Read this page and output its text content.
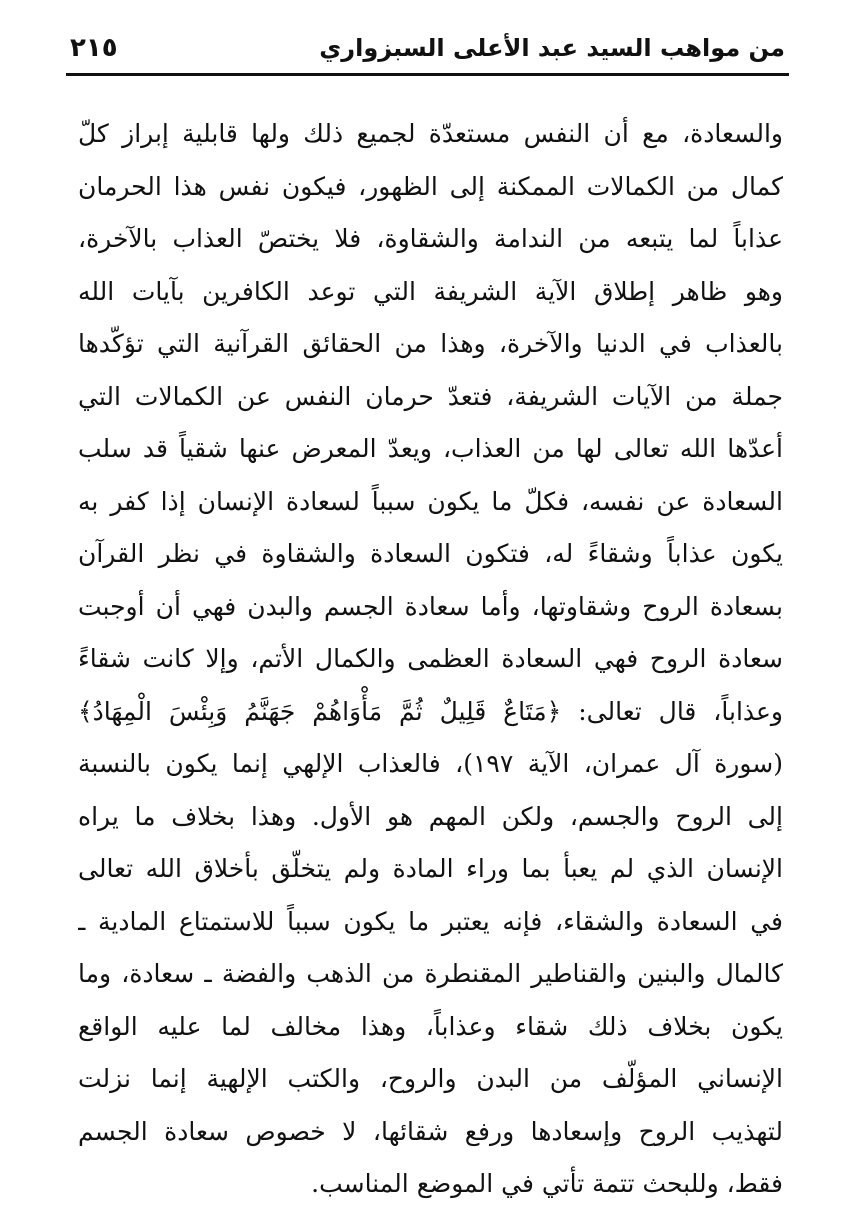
من مواهب السيد عبد الأعلى السبزواري
٢١٥
والسعادة، مع أن النفس مستعدّة لجميع ذلك ولها قابلية إبراز كلّ
كمال من الكمالات الممكنة إلى الظهور، فيكون نفس هذا الحرمان
عذاباً لما يتبعه من الندامة والشقاوة، فلا يختصّ العذاب بالآخرة،
وهو ظاهر إطلاق الآية الشريفة التي توعد الكافرين بآيات الله
بالعذاب في الدنيا والآخرة، وهذا من الحقائق القرآنية التي تؤكّدها
جملة من الآيات الشريفة، فتعدّ حرمان النفس عن الكمالات التي
أعدّها الله تعالى لها من العذاب، ويعدّ المعرض عنها شقياً قد سلب
السعادة عن نفسه، فكلّ ما يكون سبباً لسعادة الإنسان إذا كفر به
يكون عذاباً وشقاءً له، فتكون السعادة والشقاوة في نظر القرآن
بسعادة الروح وشقاوتها، وأما سعادة الجسم والبدن فهي أن أوجبت
سعادة الروح فهي السعادة العظمى والكمال الأتم، وإلا كانت شقاءً
وعذاباً، قال تعالى: ﴿مَتَاعٌ قَلِيلٌ ثُمَّ مَأْوَاهُمْ جَهَنَّمُ وَبِئْسَ الْمِهَادُ﴾
(سورة آل عمران، الآية ١٩٧)، فالعذاب الإلهي إنما يكون بالنسبة
إلى الروح والجسم، ولكن المهم هو الأول. وهذا بخلاف ما يراه
الإنسان الذي لم يعبأ بما وراء المادة ولم يتخلّق بأخلاق الله تعالى
في السعادة والشقاء، فإنه يعتبر ما يكون سبباً للاستمتاع المادية ـ
كالمال والبنين والقناطير المقنطرة من الذهب والفضة ـ سعادة، وما
يكون بخلاف ذلك شقاء وعذاباً، وهذا مخالف لما عليه الواقع
الإنساني المؤلّف من البدن والروح، والكتب الإلهية إنما نزلت
لتهذيب الروح وإسعادها ورفع شقائها، لا خصوص سعادة الجسم
فقط، وللبحث تتمة تأتي في الموضع المناسب.
